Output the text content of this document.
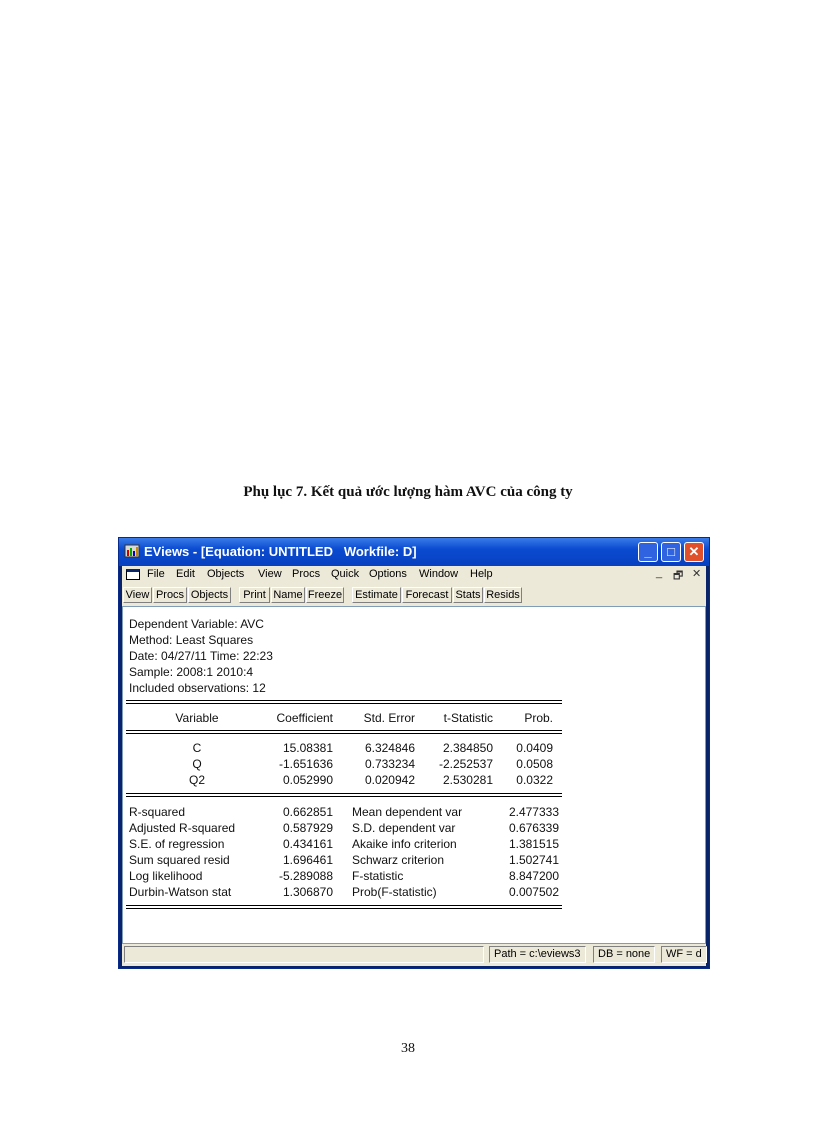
Phụ lục 7. Kết quả ước lượng hàm AVC của công ty
EViews - [Equation: UNTITLED   Workfile: D]	_	□	✕
File Edit Objects View Procs Quick Options Window Help	_ 🗗 ✕
View Procs Objects	Print Name Freeze Estimate Forecast Stats Resids
Dependent Variable: AVC
Method: Least Squares
Date: 04/27/11 Time: 22:23
Sample: 2008:1 2010:4
Included observations: 12
Variable	Coefficient	Std. Error	t-Statistic	Prob.
C	15.08381	6.324846	2.384850	0.0409
Q	-1.651636	0.733234	-2.252537	0.0508
Q2	0.052990	0.020942	2.530281	0.0322
R-squared	0.662851 Mean dependent var	2.477333
Adjusted R-squared	0.587929 S.D. dependent var	0.676339
S.E. of regression	0.434161 Akaike info criterion	1.381515
Sum squared resid	1.696461 Schwarz criterion	1.502741
Log likelihood	-5.289088 F-statistic	8.847200
Durbin-Watson stat	1.306870 Prob(F-statistic)	0.007502
Path = c:\eviews3	DB = none	WF = d
38
